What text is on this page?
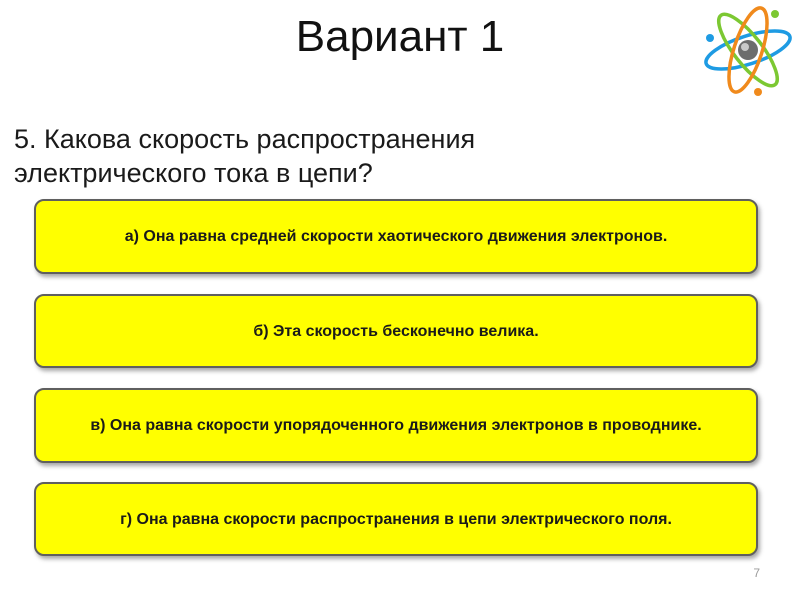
Вариант 1
5. Какова скорость распространения электрического тока в цепи?
а) Она равна средней скорости хаотического движения электронов.
б) Эта скорость бесконечно велика.
в) Она равна скорости упорядоченного движения электронов в проводнике.
г) Она равна скорости распространения в цепи электрического поля.
7
